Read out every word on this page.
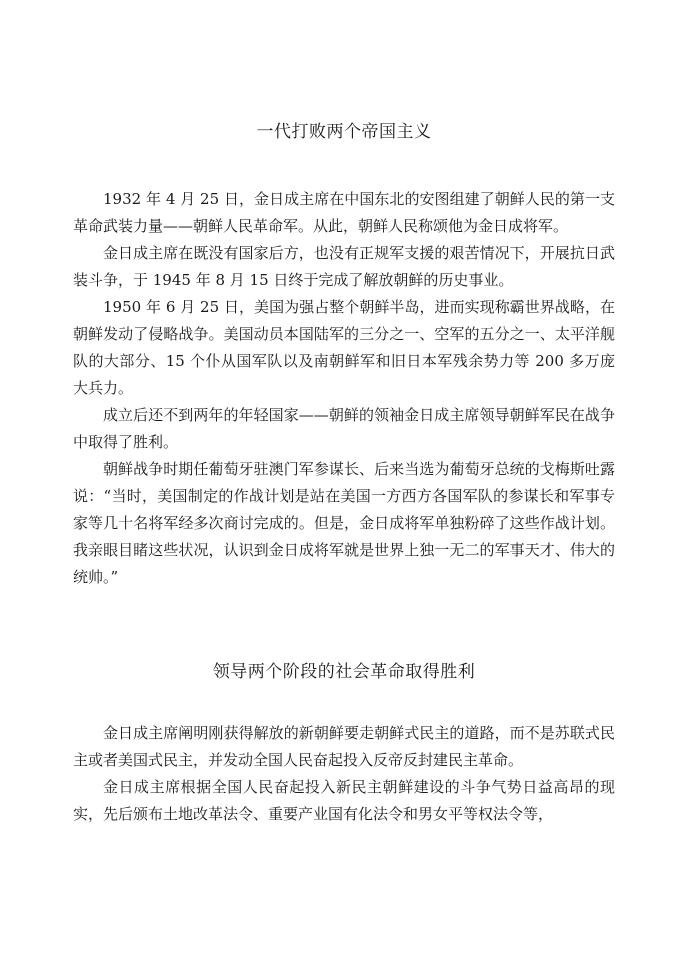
一代打败两个帝国主义

1932 年 4 月 25 日，金日成主席在中国东北的安图组建了朝鲜人民的第一支革命武装力量——朝鲜人民革命军。从此，朝鲜人民称颂他为金日成将军。

金日成主席在既没有国家后方，也没有正规军支援的艰苦情况下，开展抗日武装斗争，于 1945 年 8 月 15 日终于完成了解放朝鲜的历史事业。

1950 年 6 月 25 日，美国为强占整个朝鲜半岛，进而实现称霸世界战略，在朝鲜发动了侵略战争。美国动员本国陆军的三分之一、空军的五分之一、太平洋舰队的大部分、15 个仆从国军队以及南朝鲜军和旧日本军残余势力等 200 多万庞大兵力。

成立后还不到两年的年轻国家——朝鲜的领袖金日成主席领导朝鲜军民在战争中取得了胜利。

朝鲜战争时期任葡萄牙驻澳门军参谋长、后来当选为葡萄牙总统的戈梅斯吐露说：“当时，美国制定的作战计划是站在美国一方西方各国军队的参谋长和军事专家等几十名将军经多次商讨完成的。但是，金日成将军单独粉碎了这些作战计划。我亲眼目睹这些状况，认识到金日成将军就是世界上独一无二的军事天才、伟大的统帅。”

领导两个阶段的社会革命取得胜利

金日成主席阐明刚获得解放的新朝鲜要走朝鲜式民主的道路，而不是苏联式民主或者美国式民主，并发动全国人民奋起投入反帝反封建民主革命。

金日成主席根据全国人民奋起投入新民主朝鲜建设的斗争气势日益高昂的现实，先后颁布土地改革法令、重要产业国有化法令和男女平等权法令等，
